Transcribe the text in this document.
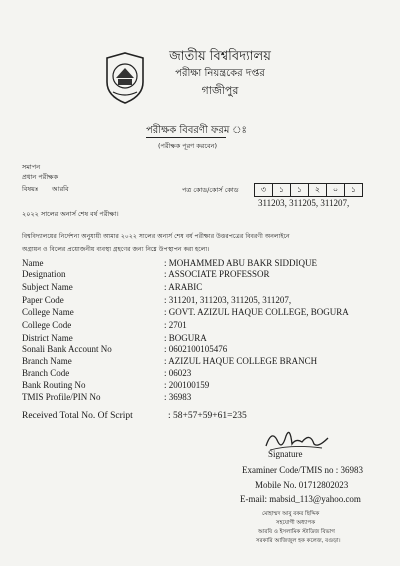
জাতীয় বিশ্ববিদ্যালয়
পরীক্ষা নিয়ন্ত্রকের দপ্তর
গাজীপুর
পরীক্ষক বিবরণী ফরম ঃ
(পরীক্ষক পূরণ করবেন)
সমাপন
প্রধান পরীক্ষক
বিষয়ঃ আরবি	পত্র কোড/কোর্স কোড	৩	১	১	২	০	১
311203, 311205, 311207,
২০২২ সালের অনার্স শেষ বর্ষ পরীক্ষা।
বিশ্ববিদ্যালয়ের নির্দেশনা অনুযায়ী আমার ২০২২ সালের অনার্স শেষ বর্ষ পরীক্ষার উত্তরপত্রের বিবরণী অনলাইনে
অগ্রায়ন ও বিলের প্রয়োজনীয় ব্যবস্থা গ্রহণের জন্য নিম্নে উপস্থাপন করা হলো।
Name	: MOHAMMED ABU BAKR SIDDIQUE
Designation	: ASSOCIATE PROFESSOR
Subject Name	: ARABIC
Paper Code	: 311201, 311203, 311205, 311207,
College Name	: GOVT. AZIZUL HAQUE COLLEGE, BOGURA
College Code	: 2701
District Name	: BOGURA
Sonali Bank Account No	: 0602100105476
Branch Name	: AZIZUL HAQUE COLLEGE BRANCH
Branch Code	: 06023
Bank Routing No	: 200100159
TMIS Profile/PIN No	: 36983
Received Total No. Of Script	: 58+57+59+61=235
Signature
Examiner Code/TMIS no : 36983
Mobile No. 01712802023
E-mail: mabsid_113@yahoo.com
মোহাম্মদ আবু বকর ছিদ্দিক
সহযোগী অধ্যাপক
আরবি ও ইসলামিক স্টাডিজ বিভাগ
সরকারি আজিজুল হক কলেজ, বগুড়া।
